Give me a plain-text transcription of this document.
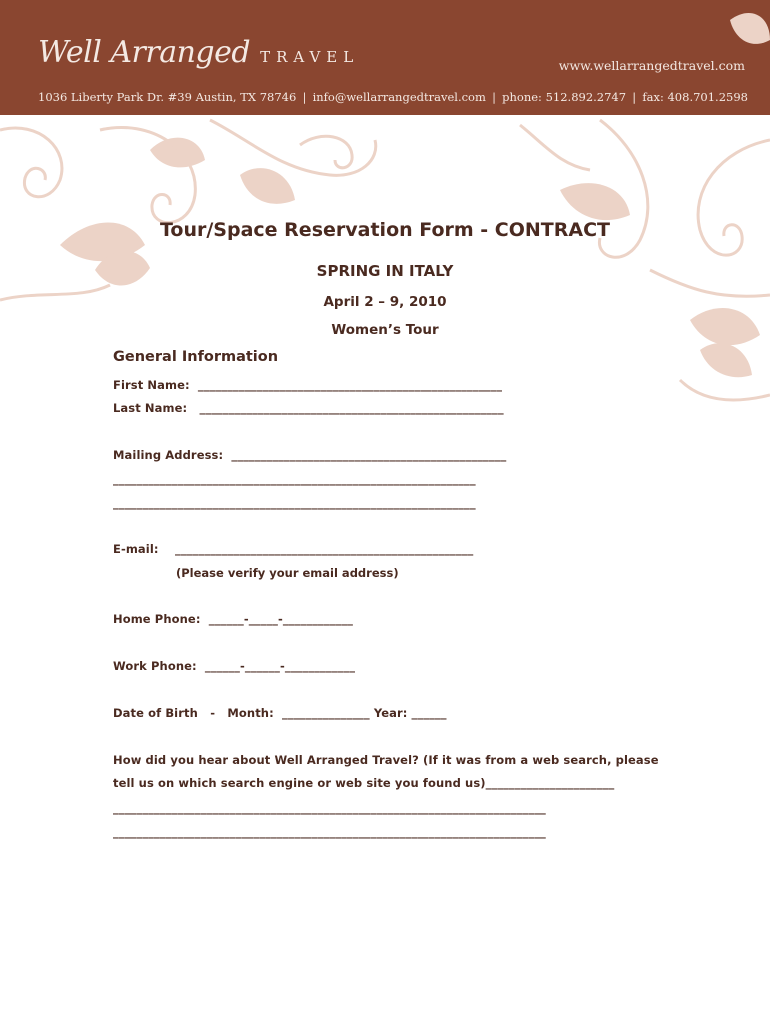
Well Arranged TRAVEL	www.wellarrangedtravel.com
1036 Liberty Park Dr. #39 Austin, TX 78746 | info@wellarrangedtravel.com | phone: 512.892.2747 | fax: 408.701.2598
Tour/Space Reservation Form - CONTRACT
SPRING IN ITALY
April 2 – 9, 2010
Women’s Tour
General Information
First Name:  ____________________________________________________
Last Name:   ____________________________________________________
Mailing Address:  _______________________________________________
______________________________________________________________
______________________________________________________________
E-mail:    ___________________________________________________
(Please verify your email address)
Home Phone:  ______-_____-____________
Work Phone:  ______-______-____________
Date of Birth   -   Month:  _______________ Year: ______
How did you hear about Well Arranged Travel? (If it was from a web search, please
tell us on which search engine or web site you found us)______________________
__________________________________________________________________________
__________________________________________________________________________
